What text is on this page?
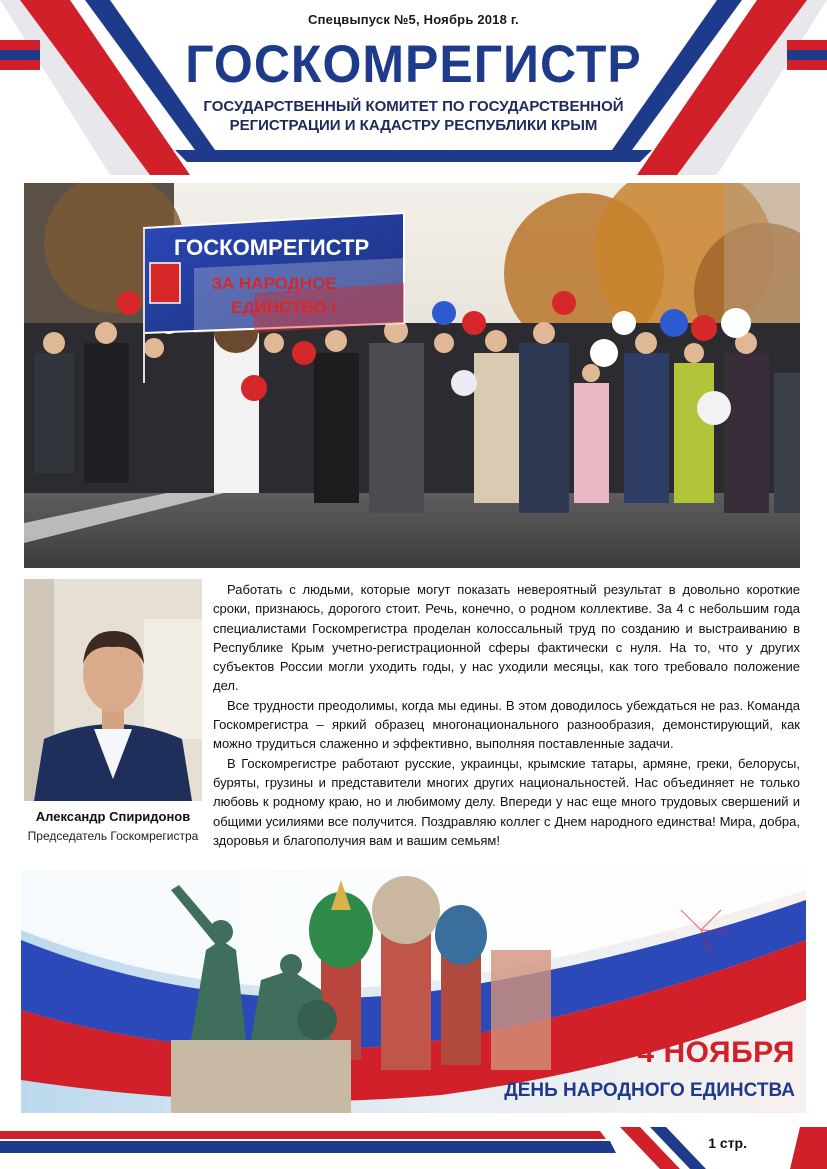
Спецвыпуск №5, Ноябрь 2018 г.
ГОСКОМРЕГИСТР
ГОСУДАРСТВЕННЫЙ КОМИТЕТ ПО ГОСУДАРСТВЕННОЙ
РЕГИСТРАЦИИ И КАДАСТРУ РЕСПУБЛИКИ КРЫМ
ГОСКОМРЕГИСТР
ЗА НАРОДНОЕ
ЕДИНСТВО !
Александр Спиридонов
Председатель Госкомрегистра

Работать с людьми, которые могут показать невероятный результат в довольно короткие сроки, признаюсь, дорогого стоит. Речь, конечно, о родном коллективе. За 4 с небольшим года специалистами Госкомрегистра проделан колоссальный труд по созданию и выстраиванию в Республике Крым учетно-регистрационной сферы фактически с нуля. На то, что у других субъектов России могли уходить годы, у нас уходили месяцы, как того требовало положение дел.

Все трудности преодолимы, когда мы едины. В этом доводилось убеждаться не раз. Команда Госкомрегистра – яркий образец многонационального разнообразия, демонстирующий, как можно трудиться слаженно и эффективно, выполняя поставленные задачи.

В Госкомрегистре работают русские, украинцы, крымские татары, армяне, греки, белорусы, буряты, грузины и представители многих других национальностей. Нас объединяет не только любовь к родному краю, но и любимому делу. Впереди у нас еще много трудовых свершений и общими усилиями все получится. Поздравляю коллег с Днем народного единства! Мира, добра, здоровья и благополучия вам и вашим семьям!

4 НОЯБРЯ
ДЕНЬ НАРОДНОГО ЕДИНСТВА
1 стр.
